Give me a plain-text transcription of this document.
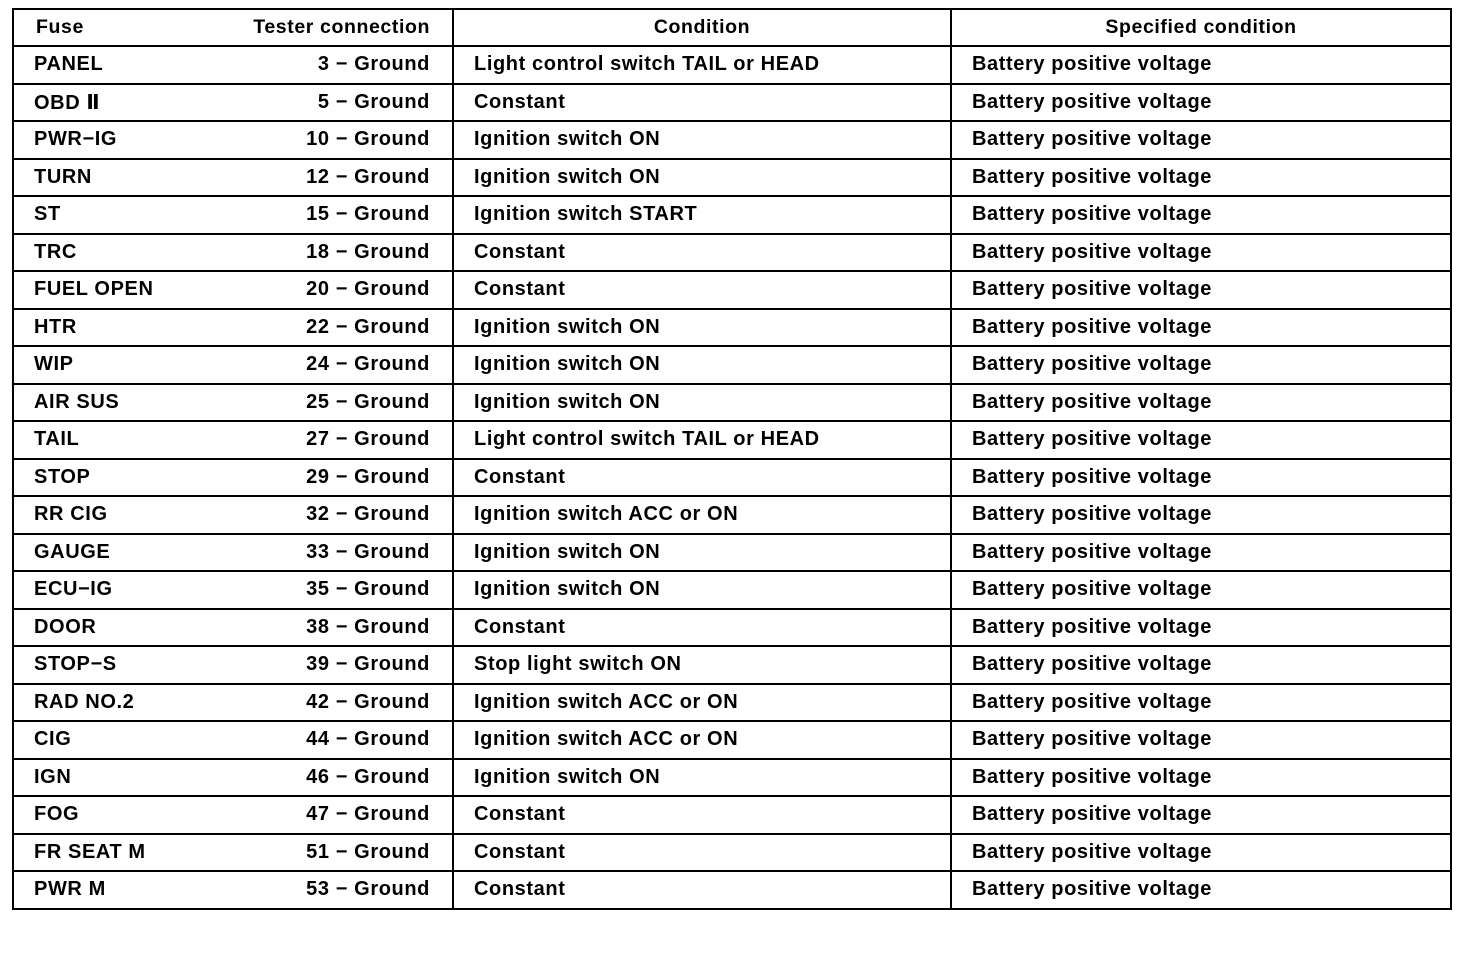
Fuse	Tester connection	Condition	Specified condition
PANEL	3 − Ground	Light control switch TAIL or HEAD	Battery positive voltage
OBD Ⅱ	5 − Ground	Constant	Battery positive voltage
PWR−IG	10 − Ground	Ignition switch ON	Battery positive voltage
TURN	12 − Ground	Ignition switch ON	Battery positive voltage
ST	15 − Ground	Ignition switch START	Battery positive voltage
TRC	18 − Ground	Constant	Battery positive voltage
FUEL OPEN	20 − Ground	Constant	Battery positive voltage
HTR	22 − Ground	Ignition switch ON	Battery positive voltage
WIP	24 − Ground	Ignition switch ON	Battery positive voltage
AIR SUS	25 − Ground	Ignition switch ON	Battery positive voltage
TAIL	27 − Ground	Light control switch TAIL or HEAD	Battery positive voltage
STOP	29 − Ground	Constant	Battery positive voltage
RR CIG	32 − Ground	Ignition switch ACC or ON	Battery positive voltage
GAUGE	33 − Ground	Ignition switch ON	Battery positive voltage
ECU−IG	35 − Ground	Ignition switch ON	Battery positive voltage
DOOR	38 − Ground	Constant	Battery positive voltage
STOP−S	39 − Ground	Stop light switch ON	Battery positive voltage
RAD NO.2	42 − Ground	Ignition switch ACC or ON	Battery positive voltage
CIG	44 − Ground	Ignition switch ACC or ON	Battery positive voltage
IGN	46 − Ground	Ignition switch ON	Battery positive voltage
FOG	47 − Ground	Constant	Battery positive voltage
FR SEAT M	51 − Ground	Constant	Battery positive voltage
PWR M	53 − Ground	Constant	Battery positive voltage
